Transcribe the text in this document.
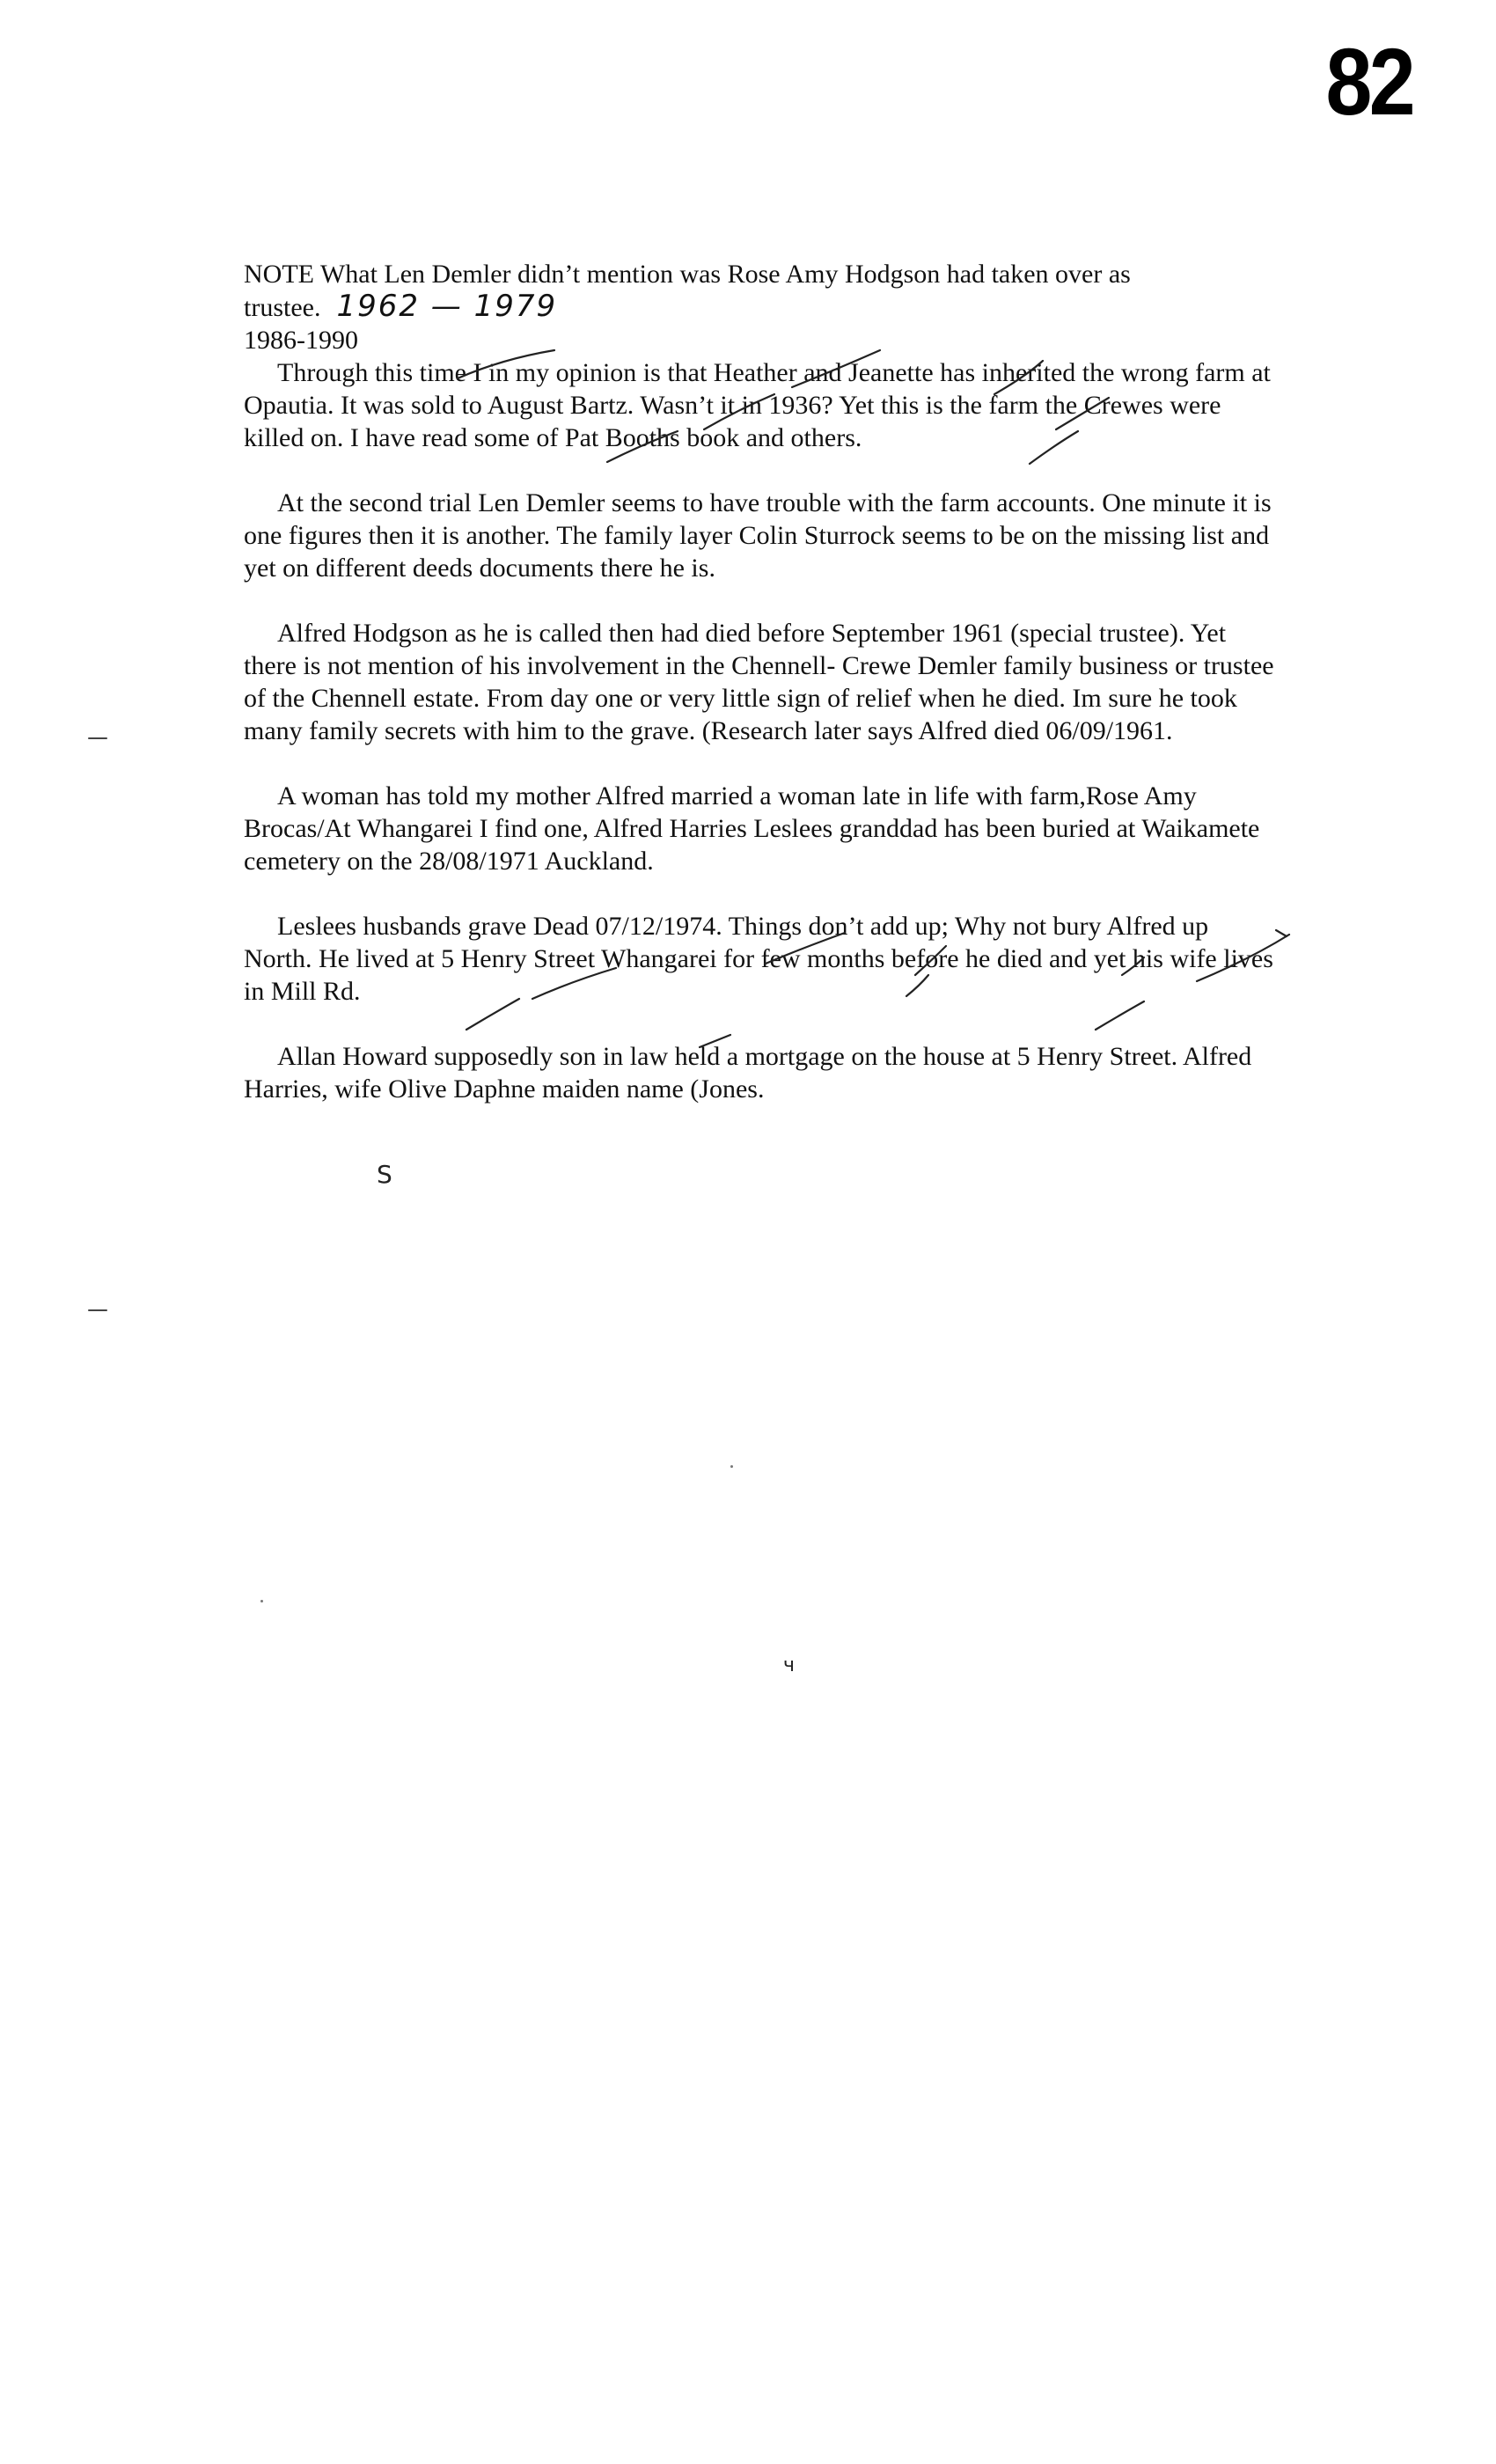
82

NOTE What Len Demler didn’t mention was Rose Amy Hodgson had taken over as
trustee. 1962 — 1979

1986-1990

Through this time I in my opinion is that Heather and Jeanette has inherited the wrong farm at Opautia. It was sold to August Bartz. Wasn’t it in 1936? Yet this is the farm the Crewes were killed on. I have read some of Pat Booths book and others.

At the second trial Len Demler seems to have trouble with the farm accounts. One minute it is one figures then it is another. The family layer Colin Sturrock seems to be on the missing list and yet on different deeds documents there he is.

Alfred Hodgson as he is called then had died before September 1961 (special trustee). Yet there is not mention of his involvement in the Chennell- Crewe Demler family business or trustee of the Chennell estate. From day one or very little sign of relief when he died. Im sure he took many family secrets with him to the grave. (Research later says Alfred died 06/09/1961.

A woman has told my mother Alfred married a woman late in life with farm,Rose Amy Brocas/At Whangarei I find one, Alfred Harries Leslees granddad has been buried at Waikamete cemetery on the 28/08/1971 Auckland.

Leslees husbands grave Dead 07/12/1974. Things don’t add up; Why not bury Alfred up North. He lived at 5 Henry Street Whangarei for few months before he died and yet his wife lives in Mill Rd.

Allan Howard supposedly son in law held a mortgage on the house at 5 Henry Street. Alfred Harries, wife Olive Daphne maiden name (Jones.

S
ч
